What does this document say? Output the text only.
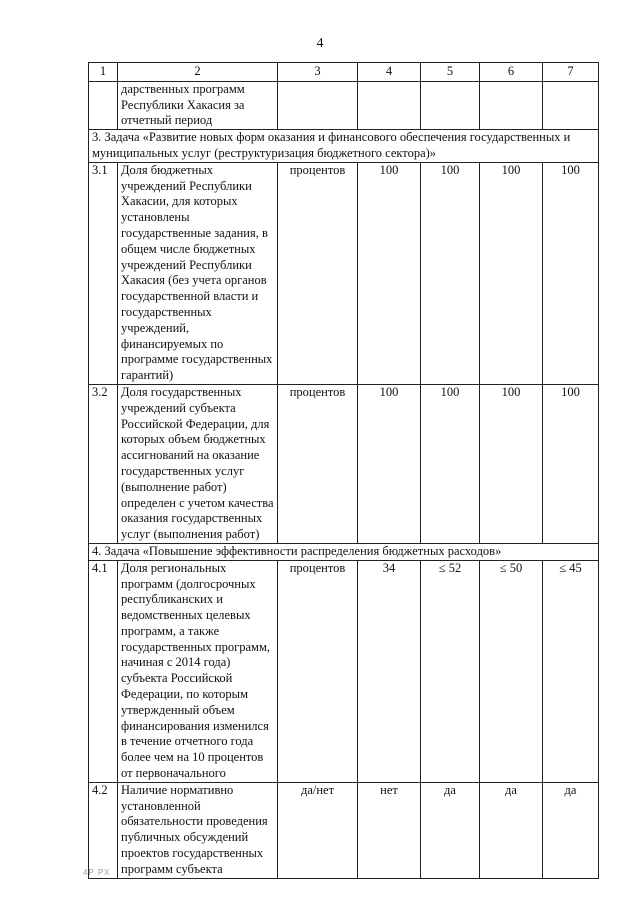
4
1	2	3	4	5	6	7
	дарственных программ Республики Хакасия за отчетный период					
3. Задача «Развитие новых форм оказания и финансового обеспечения государственных и муниципальных услуг (реструктуризация бюджетного сектора)»						
3.1	Доля бюджетных учреждений Республики Хакасии, для которых установлены государственные задания, в общем числе бюджетных учреждений Республики Хакасия (без учета органов государственной власти и государственных учреждений, финансируемых по программе государственных гарантий)	процентов	100	100	100	100
3.2	Доля государственных учреждений субъекта Российской Федерации, для которых объем бюджетных ассигнований на оказание государственных услуг (выполнение работ) определен с учетом качества оказания государственных услуг (выполнения работ)	процентов	100	100	100	100
4. Задача «Повышение эффективности распределения бюджетных расходов»						
4.1	Доля региональных программ (долгосрочных республиканских и ведомственных целевых программ, а также государственных программ, начиная с 2014 года) субъекта Российской Федерации, по которым утвержденный объем финансирования изменился в течение отчетного года более чем на 10 процентов от первоначального	процентов	34	≤ 52	≤ 50	≤ 45
4.2	Наличие нормативно установленной обязательности проведения публичных обсуждений проектов государственных программ субъекта	да/нет	нет	да	да	да
4Р РХ
